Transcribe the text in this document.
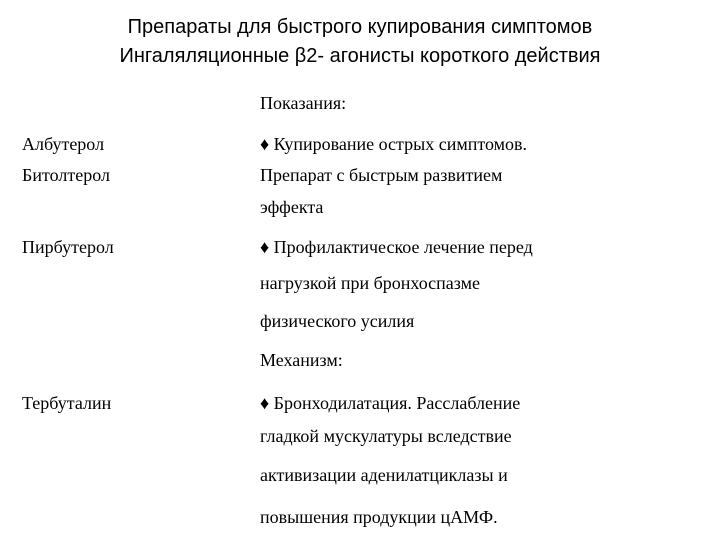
Препараты для быстрого купирования симптомов
Ингаляляционные β2- агонисты короткого действия
Показания:
Албутерол	♦ Купирование острых симптомов.
Битолтерол	Препарат с быстрым развитием
эффекта
Пирбутерол	♦ Профилактическое лечение перед
нагрузкой при бронхоспазме
физического усилия
Механизм:
Тербуталин	♦ Бронходилатация. Расслабление
гладкой мускулатуры вследствие
активизации аденилатциклазы и
повышения продукции цАМФ.
